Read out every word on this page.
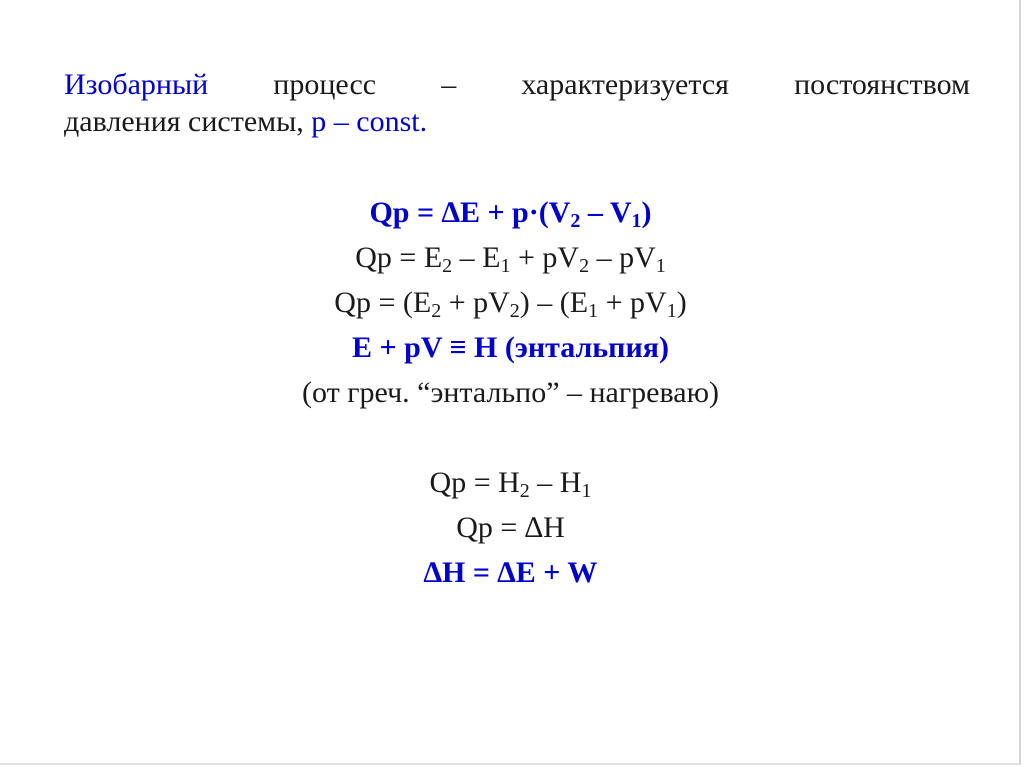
Изобарный процесс – характеризуется постоянством
давления системы, p – const.
$Qp = \Delta E + p\cdot(V_2 - V_1)$
$Qp = E_2 - E_1 + pV_2 - pV_1$
$Qp = (E_2 + pV_2) - (E_1 + pV_1)$
E + pV ≡ H (энтальпия)
(от греч. “энтальпо” – нагреваю)
$Qp = H_2 - H_1$
Qp = ∆H
∆H = ∆E + W
